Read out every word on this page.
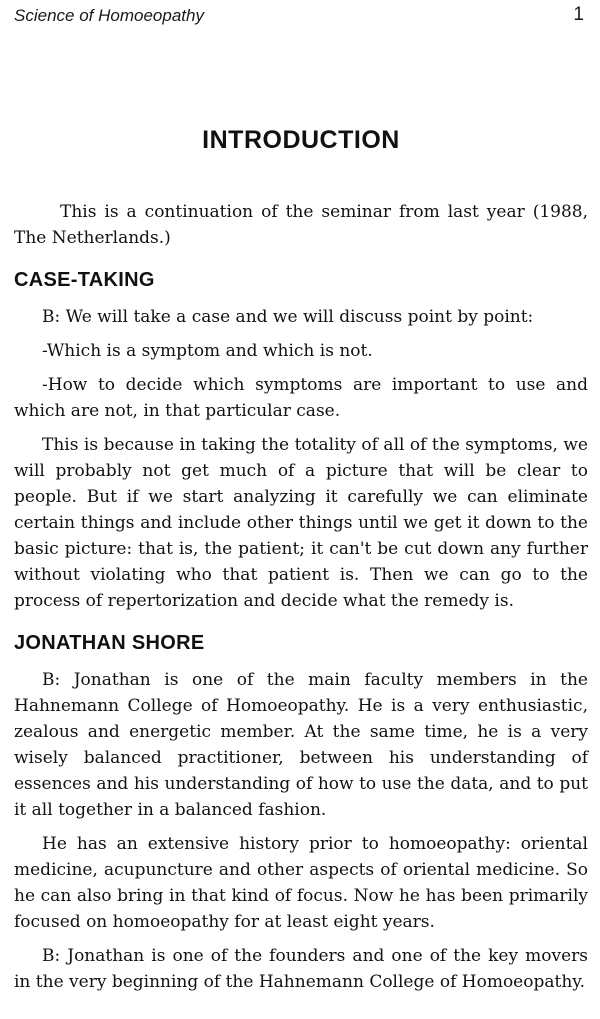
Science of Homoeopathy	1
INTRODUCTION

This is a continuation of the seminar from last year (1988, The Netherlands.)

CASE-TAKING

B: We will take a case and we will discuss point by point:

-Which is a symptom and which is not.

-How to decide which symptoms are important to use and which are not, in that particular case.

This is because in taking the totality of all of the symptoms, we will probably not get much of a picture that will be clear to people. But if we start analyzing it carefully we can eliminate certain things and include other things until we get it down to the basic picture: that is, the patient; it can't be cut down any further without violating who that patient is. Then we can go to the process of repertorization and decide what the remedy is.

JONATHAN SHORE

B: Jonathan is one of the main faculty members in the Hahnemann College of Homoeopathy. He is a very enthusiastic, zealous and energetic member. At the same time, he is a very wisely balanced practitioner, between his understanding of essences and his understanding of how to use the data, and to put it all together in a balanced fashion.

He has an extensive history prior to homoeopathy: oriental medicine, acupuncture and other aspects of oriental medicine. So he can also bring in that kind of focus. Now he has been primarily focused on homoeopathy for at least eight years.

B: Jonathan is one of the founders and one of the key movers in the very beginning of the Hahnemann College of Homoeopathy.
